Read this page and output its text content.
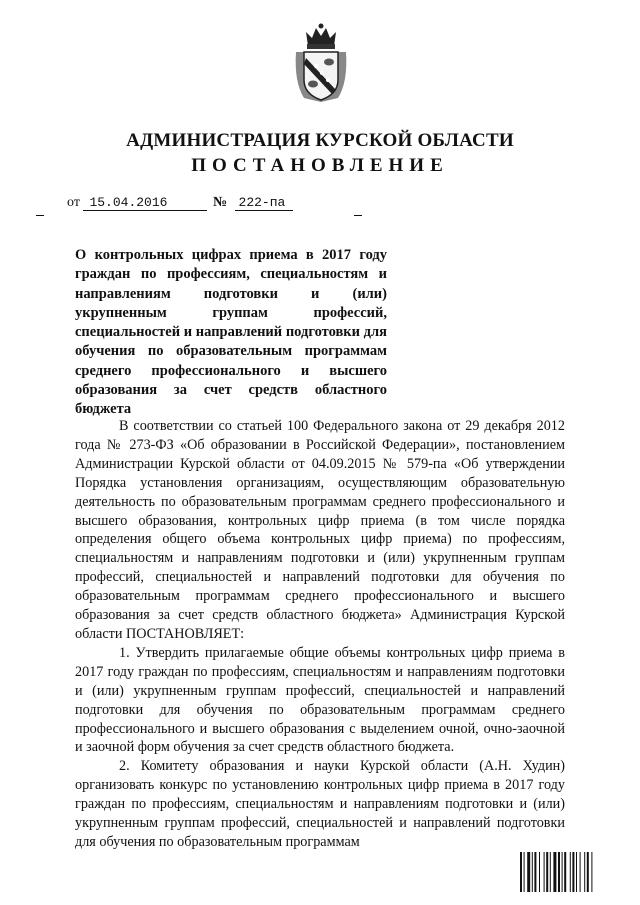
АДМИНИСТРАЦИЯ КУРСКОЙ ОБЛАСТИ
ПОСТАНОВЛЕНИЕ
от 15.04.2016	№ 222-па
О контрольных цифрах приема в 2017 году граждан по профессиям, специальностям и направлениям подготовки и (или) укрупненным группам профессий, специальностей и направлений подготовки для обучения по образовательным программам среднего профессионального и высшего образования за счет средств областного бюджета

В соответствии со статьей 100 Федерального закона от 29 декабря 2012 года № 273-ФЗ «Об образовании в Российской Федерации», постановлением Администрации Курской области от 04.09.2015 № 579-па «Об утверждении Порядка установления организациям, осуществляющим образовательную деятельность по образовательным программам среднего профессионального и высшего образования, контрольных цифр приема (в том числе порядка определения общего объема контрольных цифр приема) по профессиям, специальностям и направлениям подготовки и (или) укрупненным группам профессий, специальностей и направлений подготовки для обучения по образовательным программам среднего профессионального и высшего образования за счет средств областного бюджета» Администрация Курской области ПОСТАНОВЛЯЕТ:

1. Утвердить прилагаемые общие объемы контрольных цифр приема в 2017 году граждан по профессиям, специальностям и направлениям подготовки и (или) укрупненным группам профессий, специальностей и направлений подготовки для обучения по образовательным программам среднего профессионального и высшего образования с выделением очной, очно-заочной и заочной форм обучения за счет средств областного бюджета.

2. Комитету образования и науки Курской области (А.Н. Худин) организовать конкурс по установлению контрольных цифр приема в 2017 году граждан по профессиям, специальностям и направлениям подготовки и (или) укрупненным группам профессий, специальностей и направлений подготовки для обучения по образовательным программам
